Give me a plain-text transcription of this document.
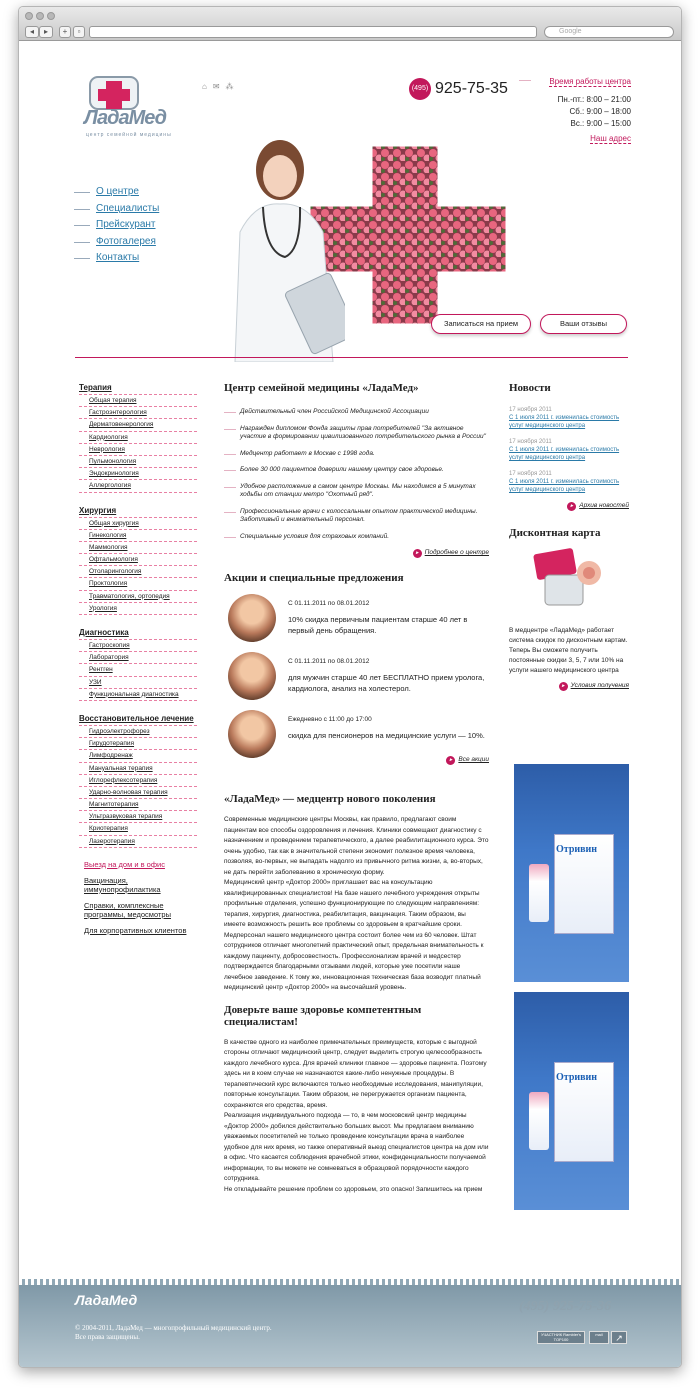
◂	▸	+	▫	Google
ЛадаМед
центр семейной медицины
⌂✉⁂	(495) 925-75-35	Время работы центра
Пн.-пт.: 8:00 – 21:00
Сб.: 9:00 – 18:00
Вс.: 9:00 – 15:00
Наш адрес
О центре
Специалисты
Прейскурант
Фотогалерея
Контакты
Записаться на прием	Ваши отзывы
Терапия
Общая терапия
Гастроэнтерология
Дерматовенерология
Кардиология
Неврология
Пульмонология
Эндокринология
Аллергология
Хирургия
Общая хирургия
Гинекология
Маммология
Офтальмология
Отоларингология
Проктология
Травматология, ортопедия
Урология
Диагностика
Гастроскопия
Лаборатория
Рентген
УЗИ
Функциональная диагностика
Восстановительное лечение
Гидроэлектрофорез
Гирудотерапия
Лимфодренаж
Мануальная терапия
Иглорефлексотерапия
Ударно-волновая терапия
Магнитотерапия
Ультразвуковая терапия
Криотерапия
Лазеротерапия
Выезд на дом и в офис
Вакцинация, иммунопрофилактика
Справки, комплексные программы, медосмотры
Для корпоративных клиентов
Центр семейной медицины «ЛадаМед»
Действительный член Российской Медицинской Ассоциации
Награжден дипломом Фонда защиты прав потребителей "За активное участие в формировании цивилизованного потребительского рынка в России"
Медцентр работает в Москве с 1998 года.
Более 30 000 пациентов доверили нашему центру свое здоровье.
Удобное расположение в самом центре Москвы. Мы находимся в 5 минутах ходьбы от станции метро "Охотный ряд".
Профессиональные врачи с колоссальным опытом практической медицины. Заботливый и внимательный персонал.
Специальные условия для страховых компаний.
▸ Подробнее о центре
Акции и специальные предложения
С 01.11.2011 по 08.01.2012
10% скидка первичным пациентам старше 40 лет в первый день обращения.
С 01.11.2011 по 08.01.2012
для мужчин старше 40 лет БЕСПЛАТНО прием уролога, кардиолога, анализ на холестерол.
Ежедневно с 11:00 до 17:00
скидка для пенсионеров на медицинские услуги — 10%.
▸ Все акции
«ЛадаМед» — медцентр нового поколения

Современные медицинские центры Москвы, как правило, предлагают своим пациентам все способы оздоровления и лечения. Клиники совмещают диагностику с назначением и проведением терапевтического, а далее реабилитационного курса. Это очень удобно, так как в значительной степени экономит полезное время человека, позволяя, во-первых, не выпадать надолго из привычного ритма жизни, а, во-вторых, не дать перейти заболеванию в хроническую форму.

Медицинский центр «Доктор 2000» приглашает вас на консультацию квалифицированных специалистов! На базе нашего лечебного учреждения открыты профильные отделения, успешно функционирующие по следующим направлениям: терапия, хирургия, диагностика, реабилитация, вакцинация. Таким образом, вы имеете возможность решить все проблемы со здоровьем в кратчайшие сроки. Медперсонал нашего медицинского центра состоит более чем из 60 человек. Штат сотрудников отличает многолетний практический опыт, предельная внимательность к каждому пациенту, добросовестность. Профессионализм врачей и медсестер подтверждается благодарными отзывами людей, которые уже посетили наше лечебное заведение. К тому же, инновационная техническая база возводит платный медицинский центр «Доктор 2000» на высочайший уровень.

Доверьте ваше здоровье компетентным специалистам!

В качестве одного из наиболее примечательных преимуществ, которые с выгодной стороны отличают медицинский центр, следует выделить строгую целесообразность каждого лечебного курса. Для врачей клиники главное — здоровье пациента. Поэтому здесь ни в коем случае не назначаются какие-либо ненужные процедуры. В терапевтический курс включаются только необходимые исследования, манипуляции, повторные консультации. Таким образом, не перегружается организм пациента, сохраняются его средства, время.

Реализация индивидуального подхода — то, в чем московский центр медицины «Доктор 2000» добился действительно больших высот. Мы предлагаем вниманию уважаемых посетителей не только проведение консультации врача в наиболее удобное для них время, но также оперативный выезд специалистов центра на дом или в офис. Что касается соблюдения врачебной этики, конфиденциальности получаемой информации, то вы можете не сомневаться в образцовой порядочности каждого сотрудника.

Не откладывайте решение проблем со здоровьем, это опасно! Запишитесь на прием

Новости
17 ноября 2011
С 1 июля 2011 г. изменилась стоимость услуг медицинского центра
17 ноября 2011
С 1 июля 2011 г. изменилась стоимость услуг медицинского центра
17 ноября 2011
С 1 июля 2011 г. изменилась стоимость услуг медицинского центра
▸ Архив новостей
Дисконтная карта
В медцентре «ЛадаМед» работает система скидок по дисконтным картам. Теперь Вы сможете получить постоянные скидки 3, 5, 7 или 10% на услуги нашего медицинского центра
▸ Условия получения
Отривин
Отривин
ЛадаМед
© 2004-2011, ЛадаМед — многопрофильный медицинский центр.
Все права защищены.
(495) 925-75-36
УЧАСТНИК Rambler's TOP100
mail	↗
